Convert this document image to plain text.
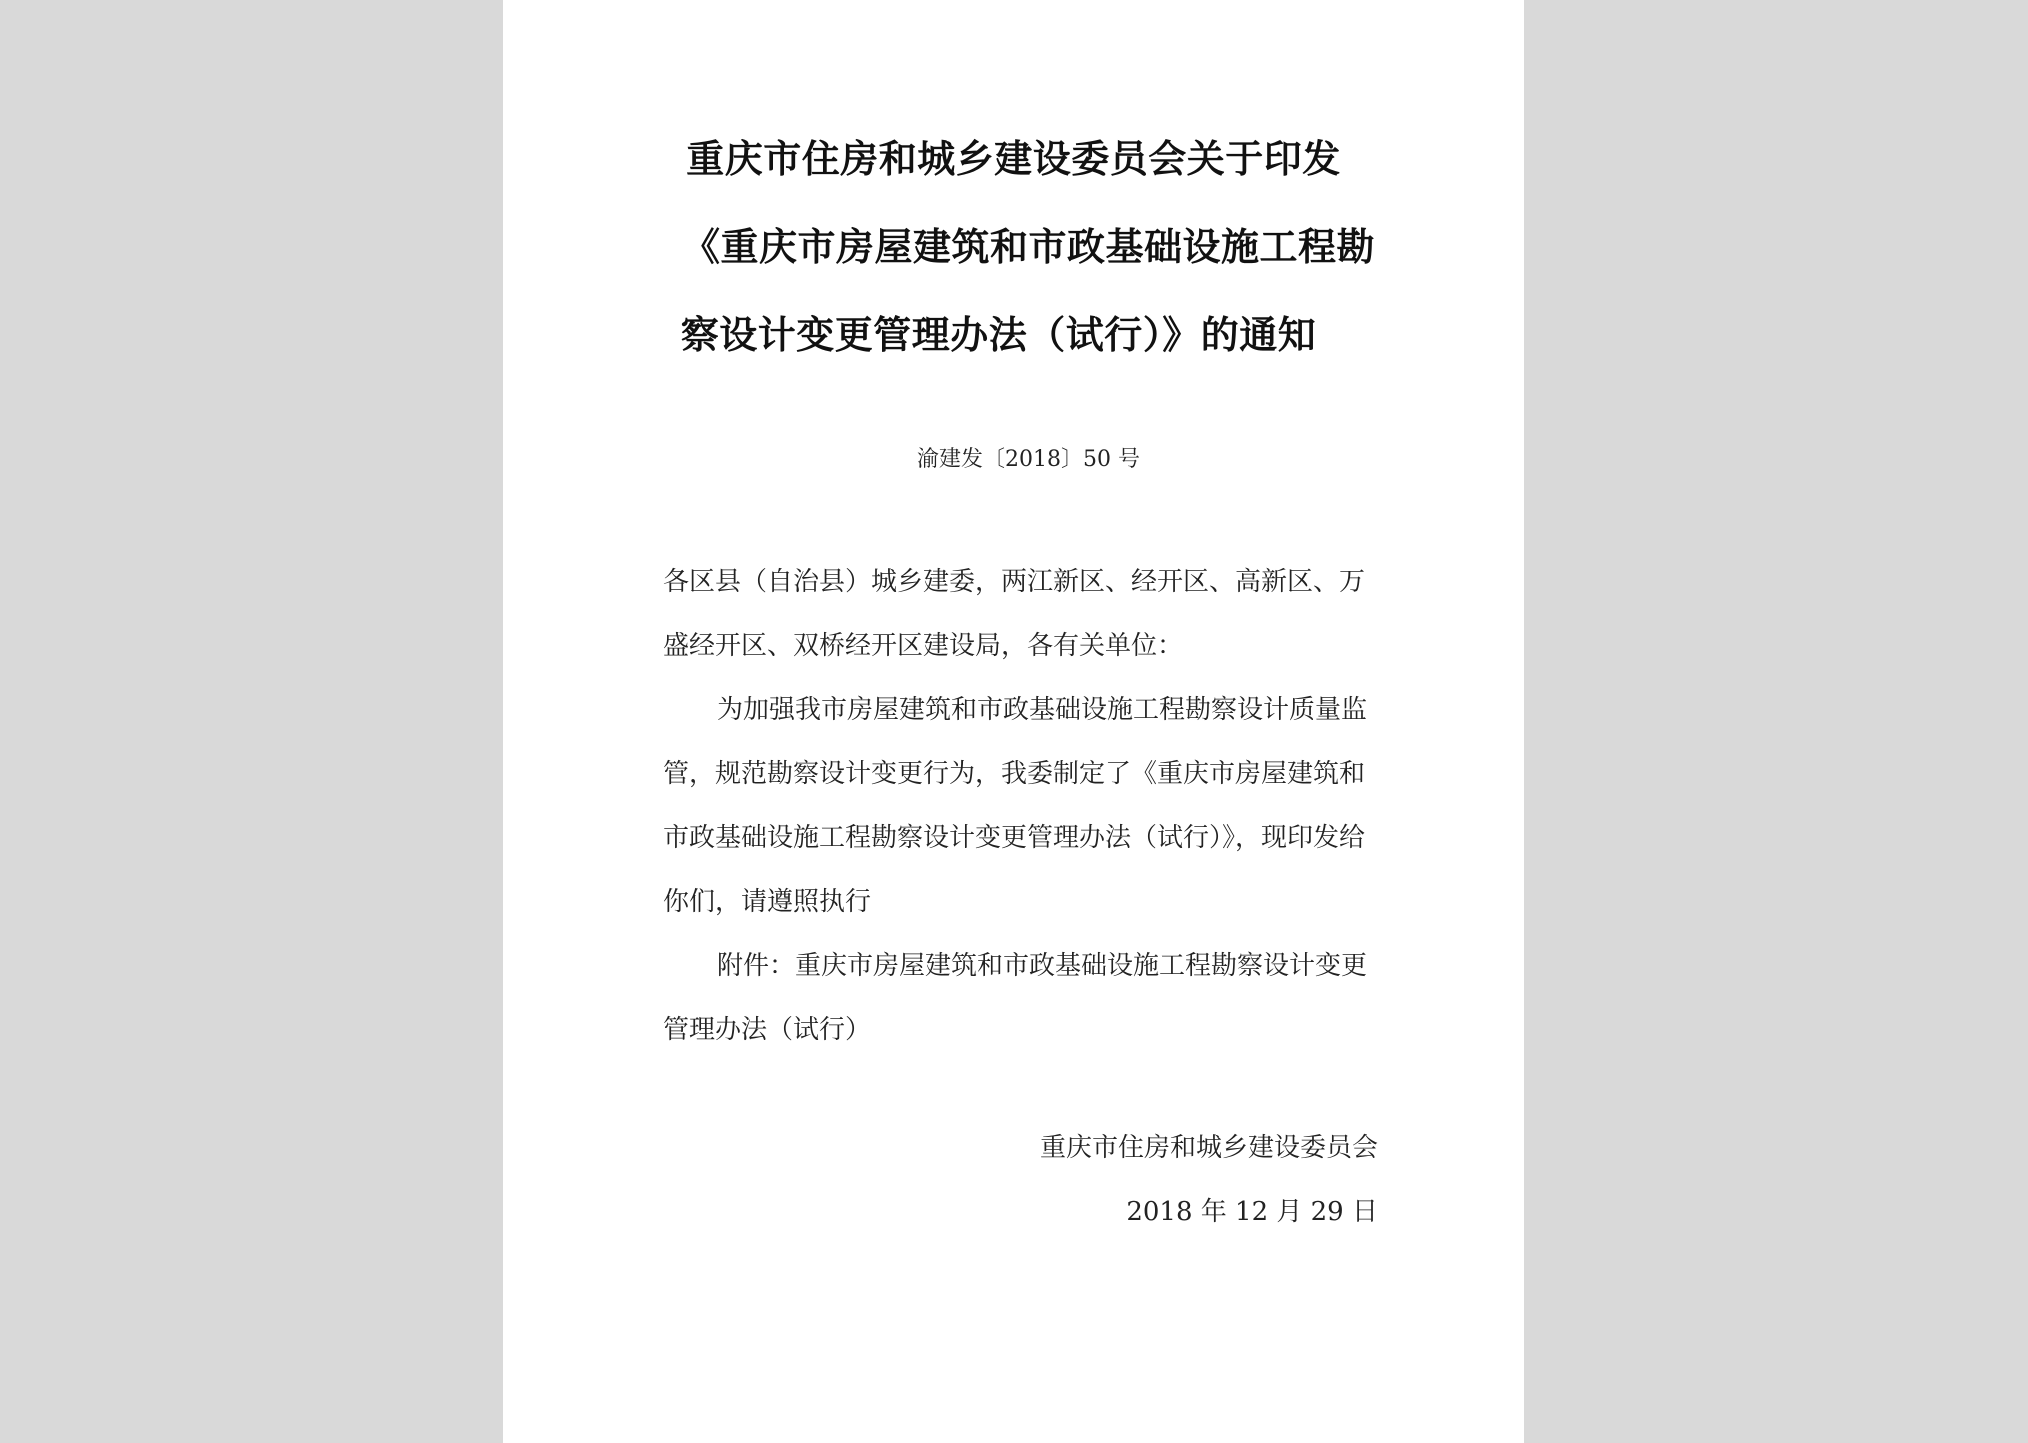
重庆市住房和城乡建设委员会关于印发
《重庆市房屋建筑和市政基础设施工程勘
察设计变更管理办法（试行）》的通知
渝建发〔2018〕50 号

各区县（自治县）城乡建委，两江新区、经开区、高新区、万盛经开区、双桥经开区建设局，各有关单位：

为加强我市房屋建筑和市政基础设施工程勘察设计质量监管，规范勘察设计变更行为，我委制定了《重庆市房屋建筑和市政基础设施工程勘察设计变更管理办法（试行）》，现印发给你们，请遵照执行

附件：重庆市房屋建筑和市政基础设施工程勘察设计变更管理办法（试行）

重庆市住房和城乡建设委员会
2018 年 12 月 29 日
